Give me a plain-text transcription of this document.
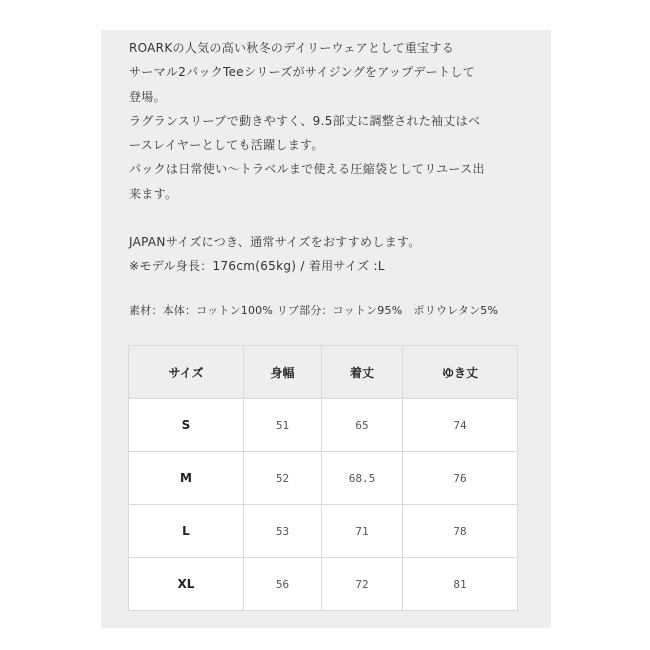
ROARKの人気の高い秋冬のデイリーウェアとして重宝する

サーマル2パックTeeシリーズがサイジングをアップデートして

登場。

ラグランスリーブで動きやすく、9.5部丈に調整された袖丈はベ

ースレイヤーとしても活躍します。

パックは日常使い～トラベルまで使える圧縮袋としてリユース出

来ます。

JAPANサイズにつき、通常サイズをおすすめします。

※モデル身長：176cm(65kg) / 着用サイズ :L

素材：本体：コットン100% リブ部分：コットン95%　ポリウレタン5%
サイズ	身幅	着丈	ゆき丈
S	51	65	74
M	52	68.5	76
L	53	71	78
XL	56	72	81
